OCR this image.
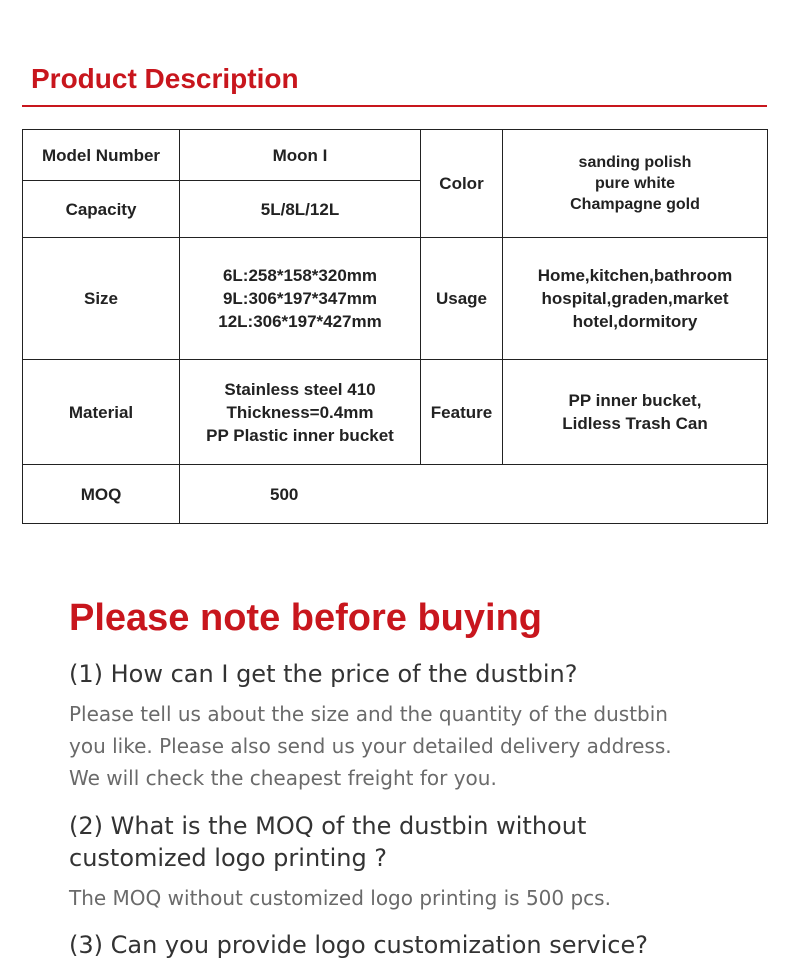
Product Description
Model Number	Moon I	Color	sanding polish
pure white
Champagne gold

Capacity	5L/8L/12L		
Size	6L:258*158*320mm
9L:306*197*347mm
12L:306*197*427mm	Usage	Home,kitchen,bathroom
hospital,graden,market
hotel,dormitory

Material	Stainless steel 410
Thickness=0.4mm
PP Plastic inner bucket	Feature	PP inner bucket,
Lidless Trash Can

MOQ	500		
Please note before buying

(1) How can I get the price of the dustbin?

Please tell us about the size and the quantity of the dustbin

you like. Please also send us your detailed delivery address.

We will check the cheapest freight for you.

(2) What is the MOQ of the dustbin without

customized logo printing ?

The MOQ without customized logo printing is 500 pcs.

(3) Can you provide logo customization service?
